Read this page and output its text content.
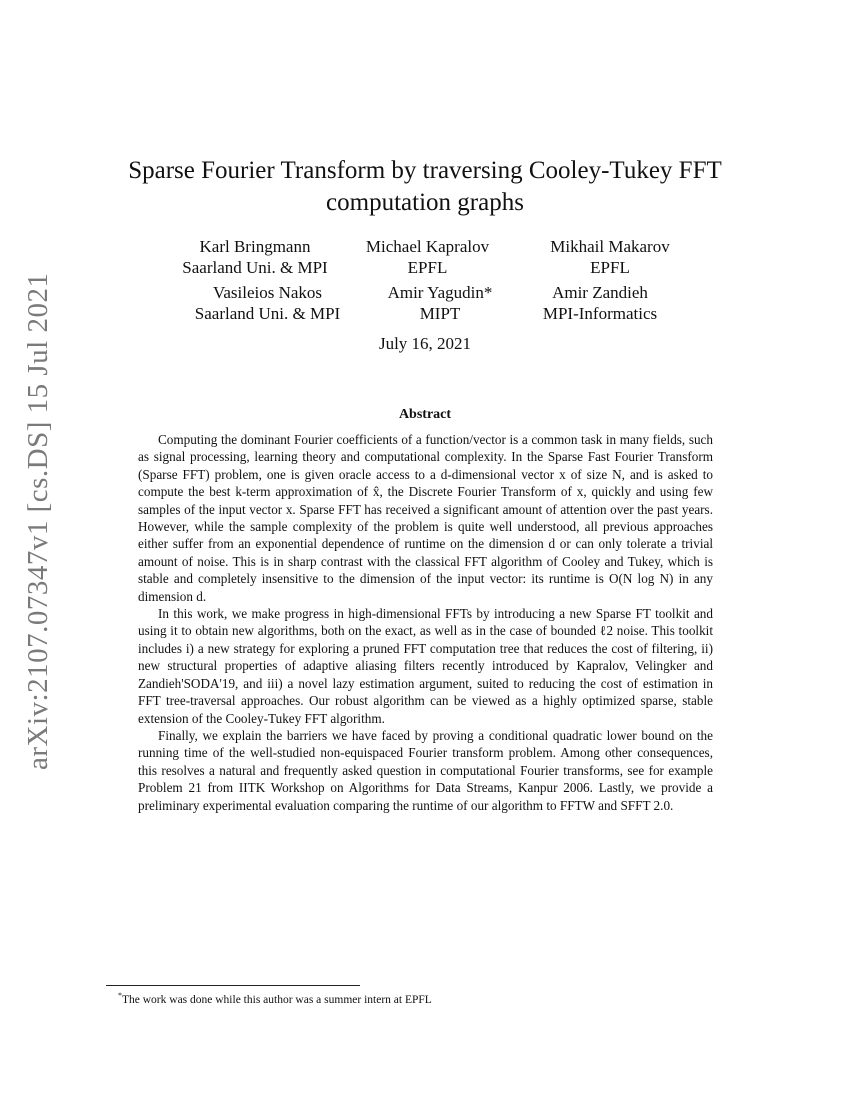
arXiv:2107.07347v1 [cs.DS] 15 Jul 2021
Sparse Fourier Transform by traversing Cooley-Tukey FFT computation graphs
Karl Bringmann
Saarland Uni. & MPI
Michael Kapralov
EPFL
Mikhail Makarov
EPFL
Vasileios Nakos
Saarland Uni. & MPI
Amir Yagudin*
MIPT
Amir Zandieh
MPI-Informatics
July 16, 2021
Abstract

Computing the dominant Fourier coefficients of a function/vector is a common task in many fields, such as signal processing, learning theory and computational complexity. In the Sparse Fast Fourier Transform (Sparse FFT) problem, one is given oracle access to a d-dimensional vector x of size N, and is asked to compute the best k-term approximation of x̂, the Discrete Fourier Transform of x, quickly and using few samples of the input vector x. Sparse FFT has received a significant amount of attention over the past years. However, while the sample complexity of the problem is quite well understood, all previous approaches either suffer from an exponential dependence of runtime on the dimension d or can only tolerate a trivial amount of noise. This is in sharp contrast with the classical FFT algorithm of Cooley and Tukey, which is stable and completely insensitive to the dimension of the input vector: its runtime is O(N log N) in any dimension d.

In this work, we make progress in high-dimensional FFTs by introducing a new Sparse FT toolkit and using it to obtain new algorithms, both on the exact, as well as in the case of bounded ℓ2 noise. This toolkit includes i) a new strategy for exploring a pruned FFT computation tree that reduces the cost of filtering, ii) new structural properties of adaptive aliasing filters recently introduced by Kapralov, Velingker and Zandieh'SODA'19, and iii) a novel lazy estimation argument, suited to reducing the cost of estimation in FFT tree-traversal approaches. Our robust algorithm can be viewed as a highly optimized sparse, stable extension of the Cooley-Tukey FFT algorithm.

Finally, we explain the barriers we have faced by proving a conditional quadratic lower bound on the running time of the well-studied non-equispaced Fourier transform problem. Among other consequences, this resolves a natural and frequently asked question in computational Fourier transforms, see for example Problem 21 from IITK Workshop on Algorithms for Data Streams, Kanpur 2006. Lastly, we provide a preliminary experimental evaluation comparing the runtime of our algorithm to FFTW and SFFT 2.0.

*The work was done while this author was a summer intern at EPFL
